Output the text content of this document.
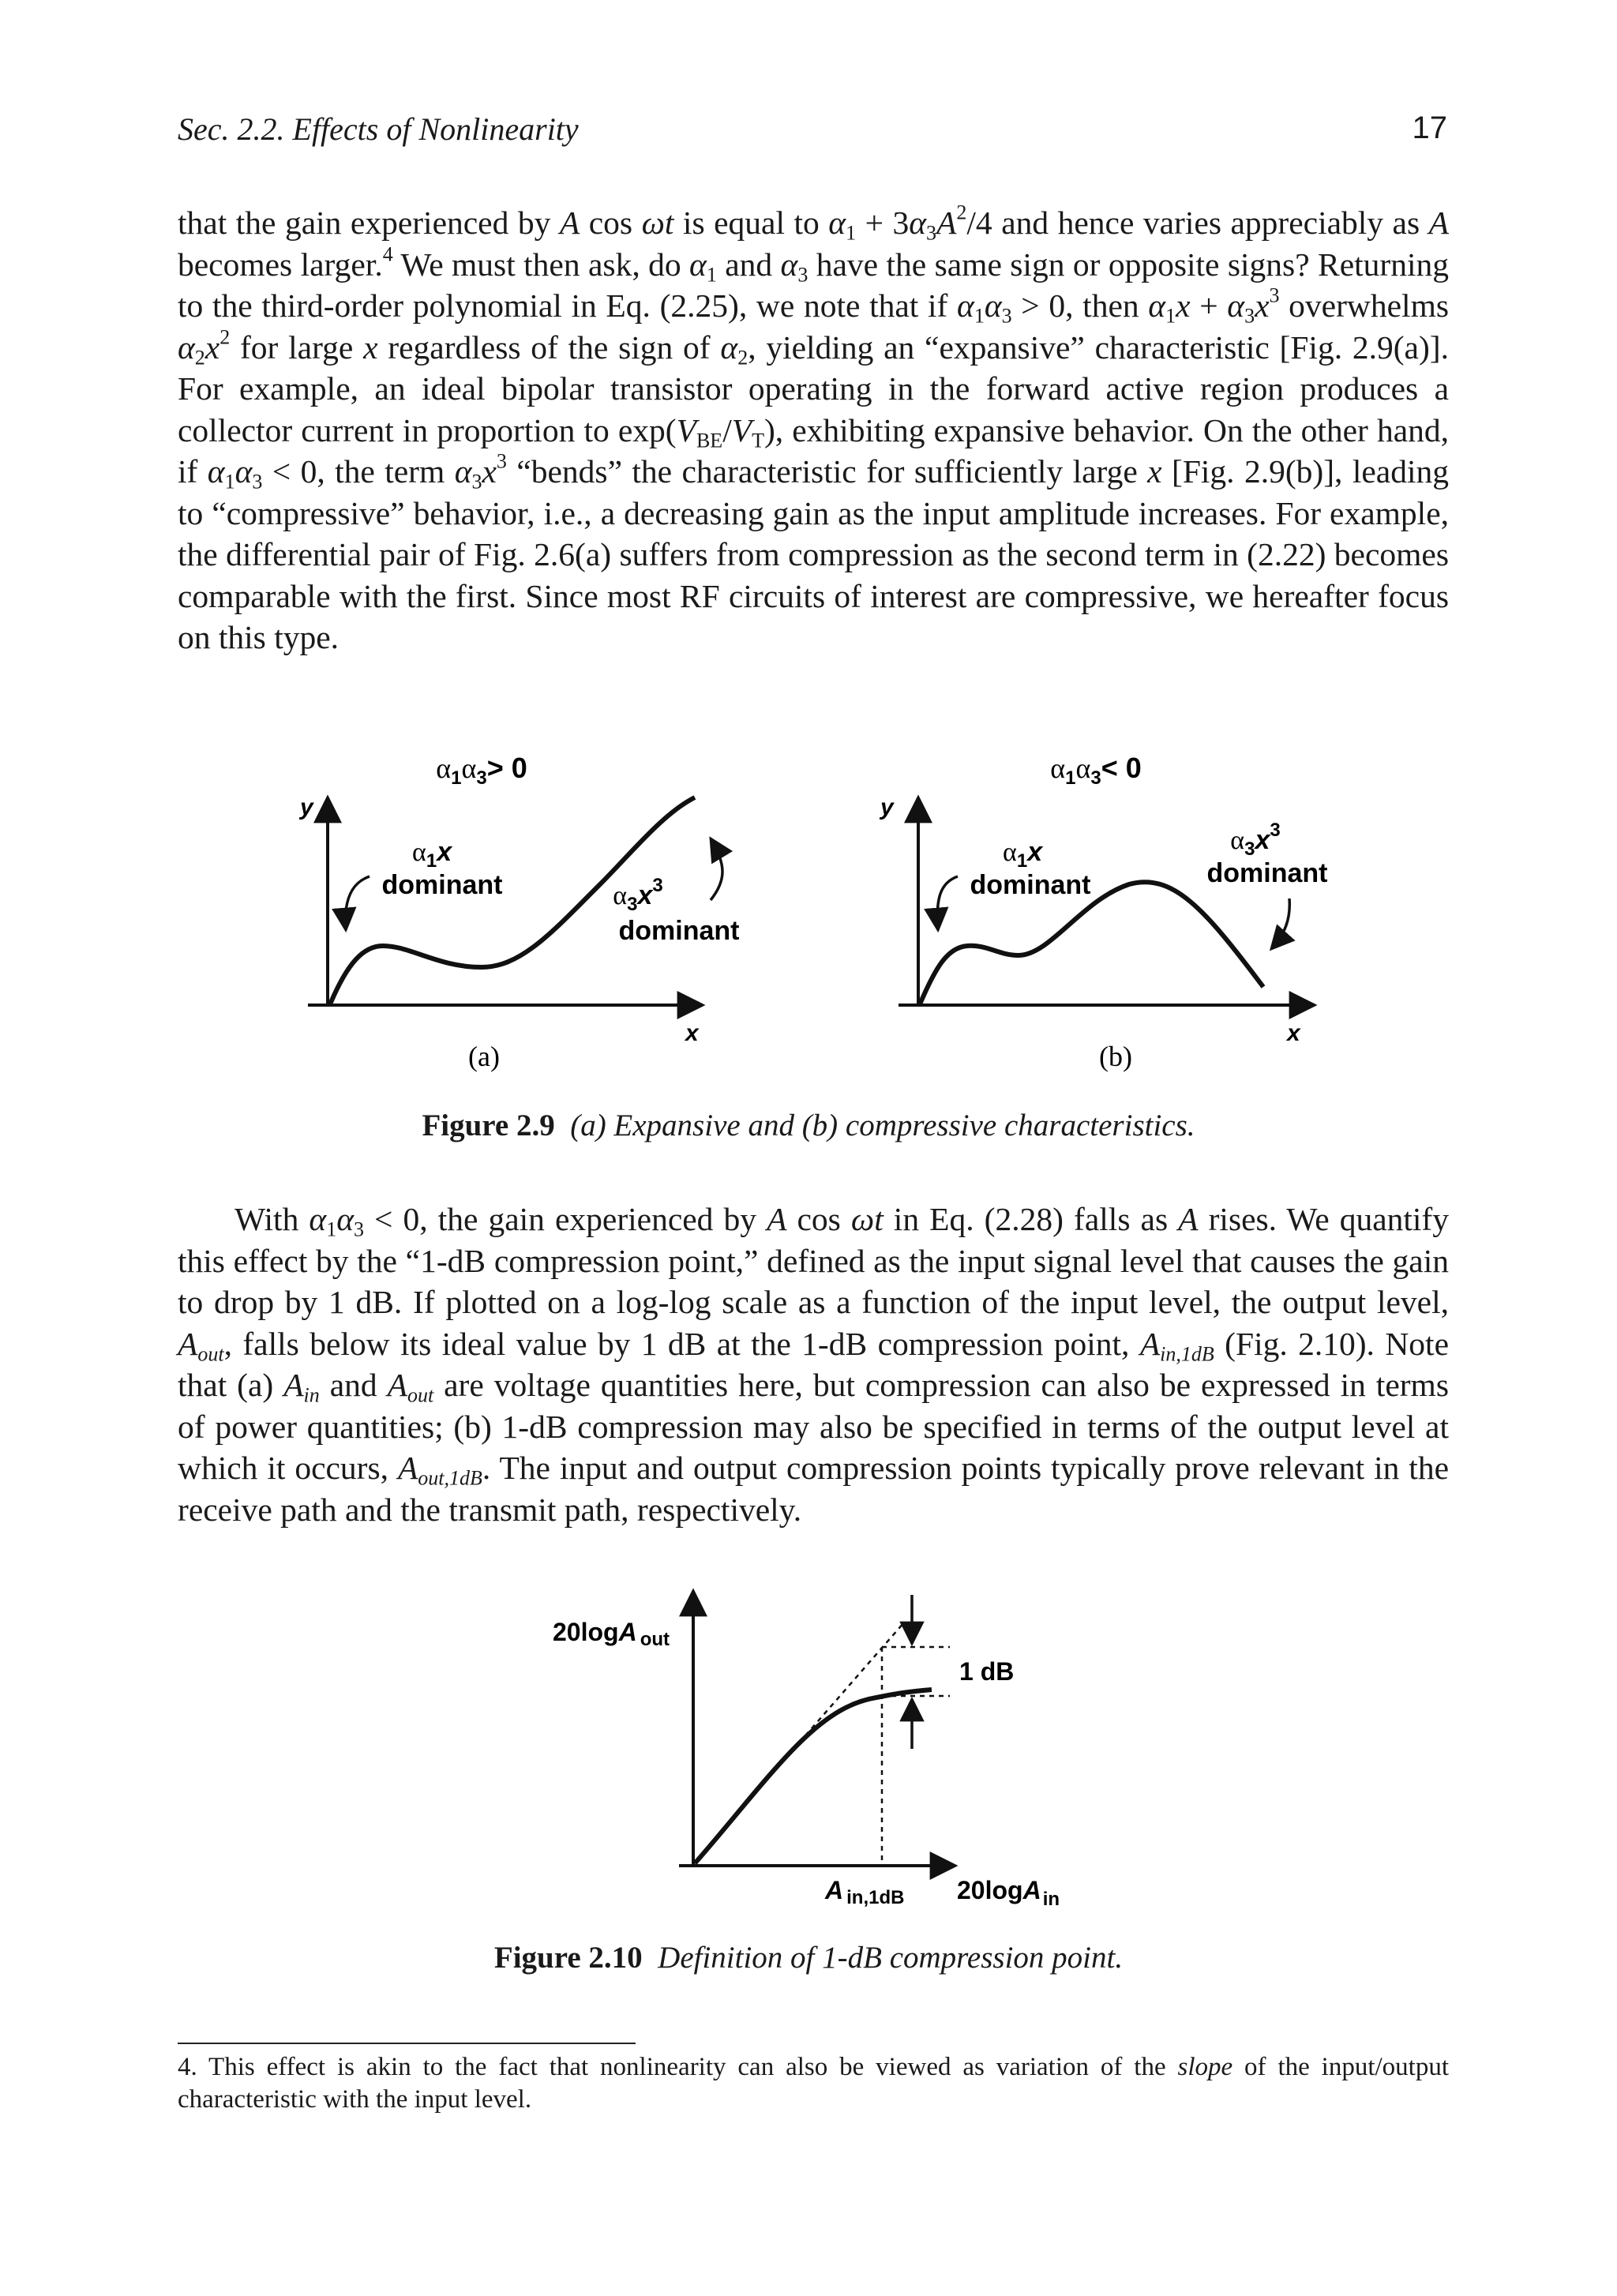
Sec. 2.2. Effects of Nonlinearity	17

that the gain experienced by A cos ωt is equal to $\alpha_1 + 3\alpha_3A^2/4$ and hence varies appreciably as A becomes larger.$^4$ We must then ask, do $\alpha_1$ and $\alpha_3$ have the same sign or opposite signs? Returning to the third-order polynomial in Eq. (2.25), we note that if $\alpha_1\alpha_3 > 0$, then $\alpha_1x + \alpha_3x^3$ overwhelms $\alpha_2x^2$ for large x regardless of the sign of $\alpha_2$, yielding an “expansive” characteristic [Fig. 2.9(a)]. For example, an ideal bipolar transistor operating in the forward active region produces a collector current in proportion to $\exp(V_{BE}/V_T)$, exhibiting expansive behavior. On the other hand, if $\alpha_1\alpha_3 < 0$, the term $\alpha_3x^3$ “bends” the characteristic for sufficiently large x [Fig. 2.9(b)], leading to “compressive” behavior, i.e., a decreasing gain as the input amplitude increases. For example, the differential pair of Fig. 2.6(a) suffers from compression as the second term in (2.22) becomes comparable with the first. Since most RF circuits of interest are compressive, we hereafter focus on this type.

$\alpha_1\alpha_3> 0$
y
x
$\alpha_1x$
dominant	$\alpha_3x^3$
dominant
(a)
$\alpha_1\alpha_3< 0$
y
x
$\alpha_1x$
dominant
$\alpha_3x^3$
dominant
(b)
Figure 2.9 (a) Expansive and (b) compressive characteristics.

With $\alpha_1\alpha_3 < 0$, the gain experienced by A cos ωt in Eq. (2.28) falls as A rises. We quantify this effect by the “1-dB compression point,” defined as the input signal level that causes the gain to drop by 1 dB. If plotted on a log-log scale as a function of the input level, the output level, $A_{out}$, falls below its ideal value by 1 dB at the 1-dB compression point, $A_{in,1dB}$ (Fig. 2.10). Note that (a) $A_{in}$ and $A_{out}$ are voltage quantities here, but compression can also be expressed in terms of power quantities; (b) 1-dB compression may also be specified in terms of the output level at which it occurs, $A_{out,1dB}$. The input and output compression points typically prove relevant in the receive path and the transmit path, respectively.

20logA out
1 dB
A in,1dB 20logA$_{in}$
Figure 2.10 Definition of 1-dB compression point.

4. This effect is akin to the fact that nonlinearity can also be viewed as variation of the slope of the input/output characteristic with the input level.
